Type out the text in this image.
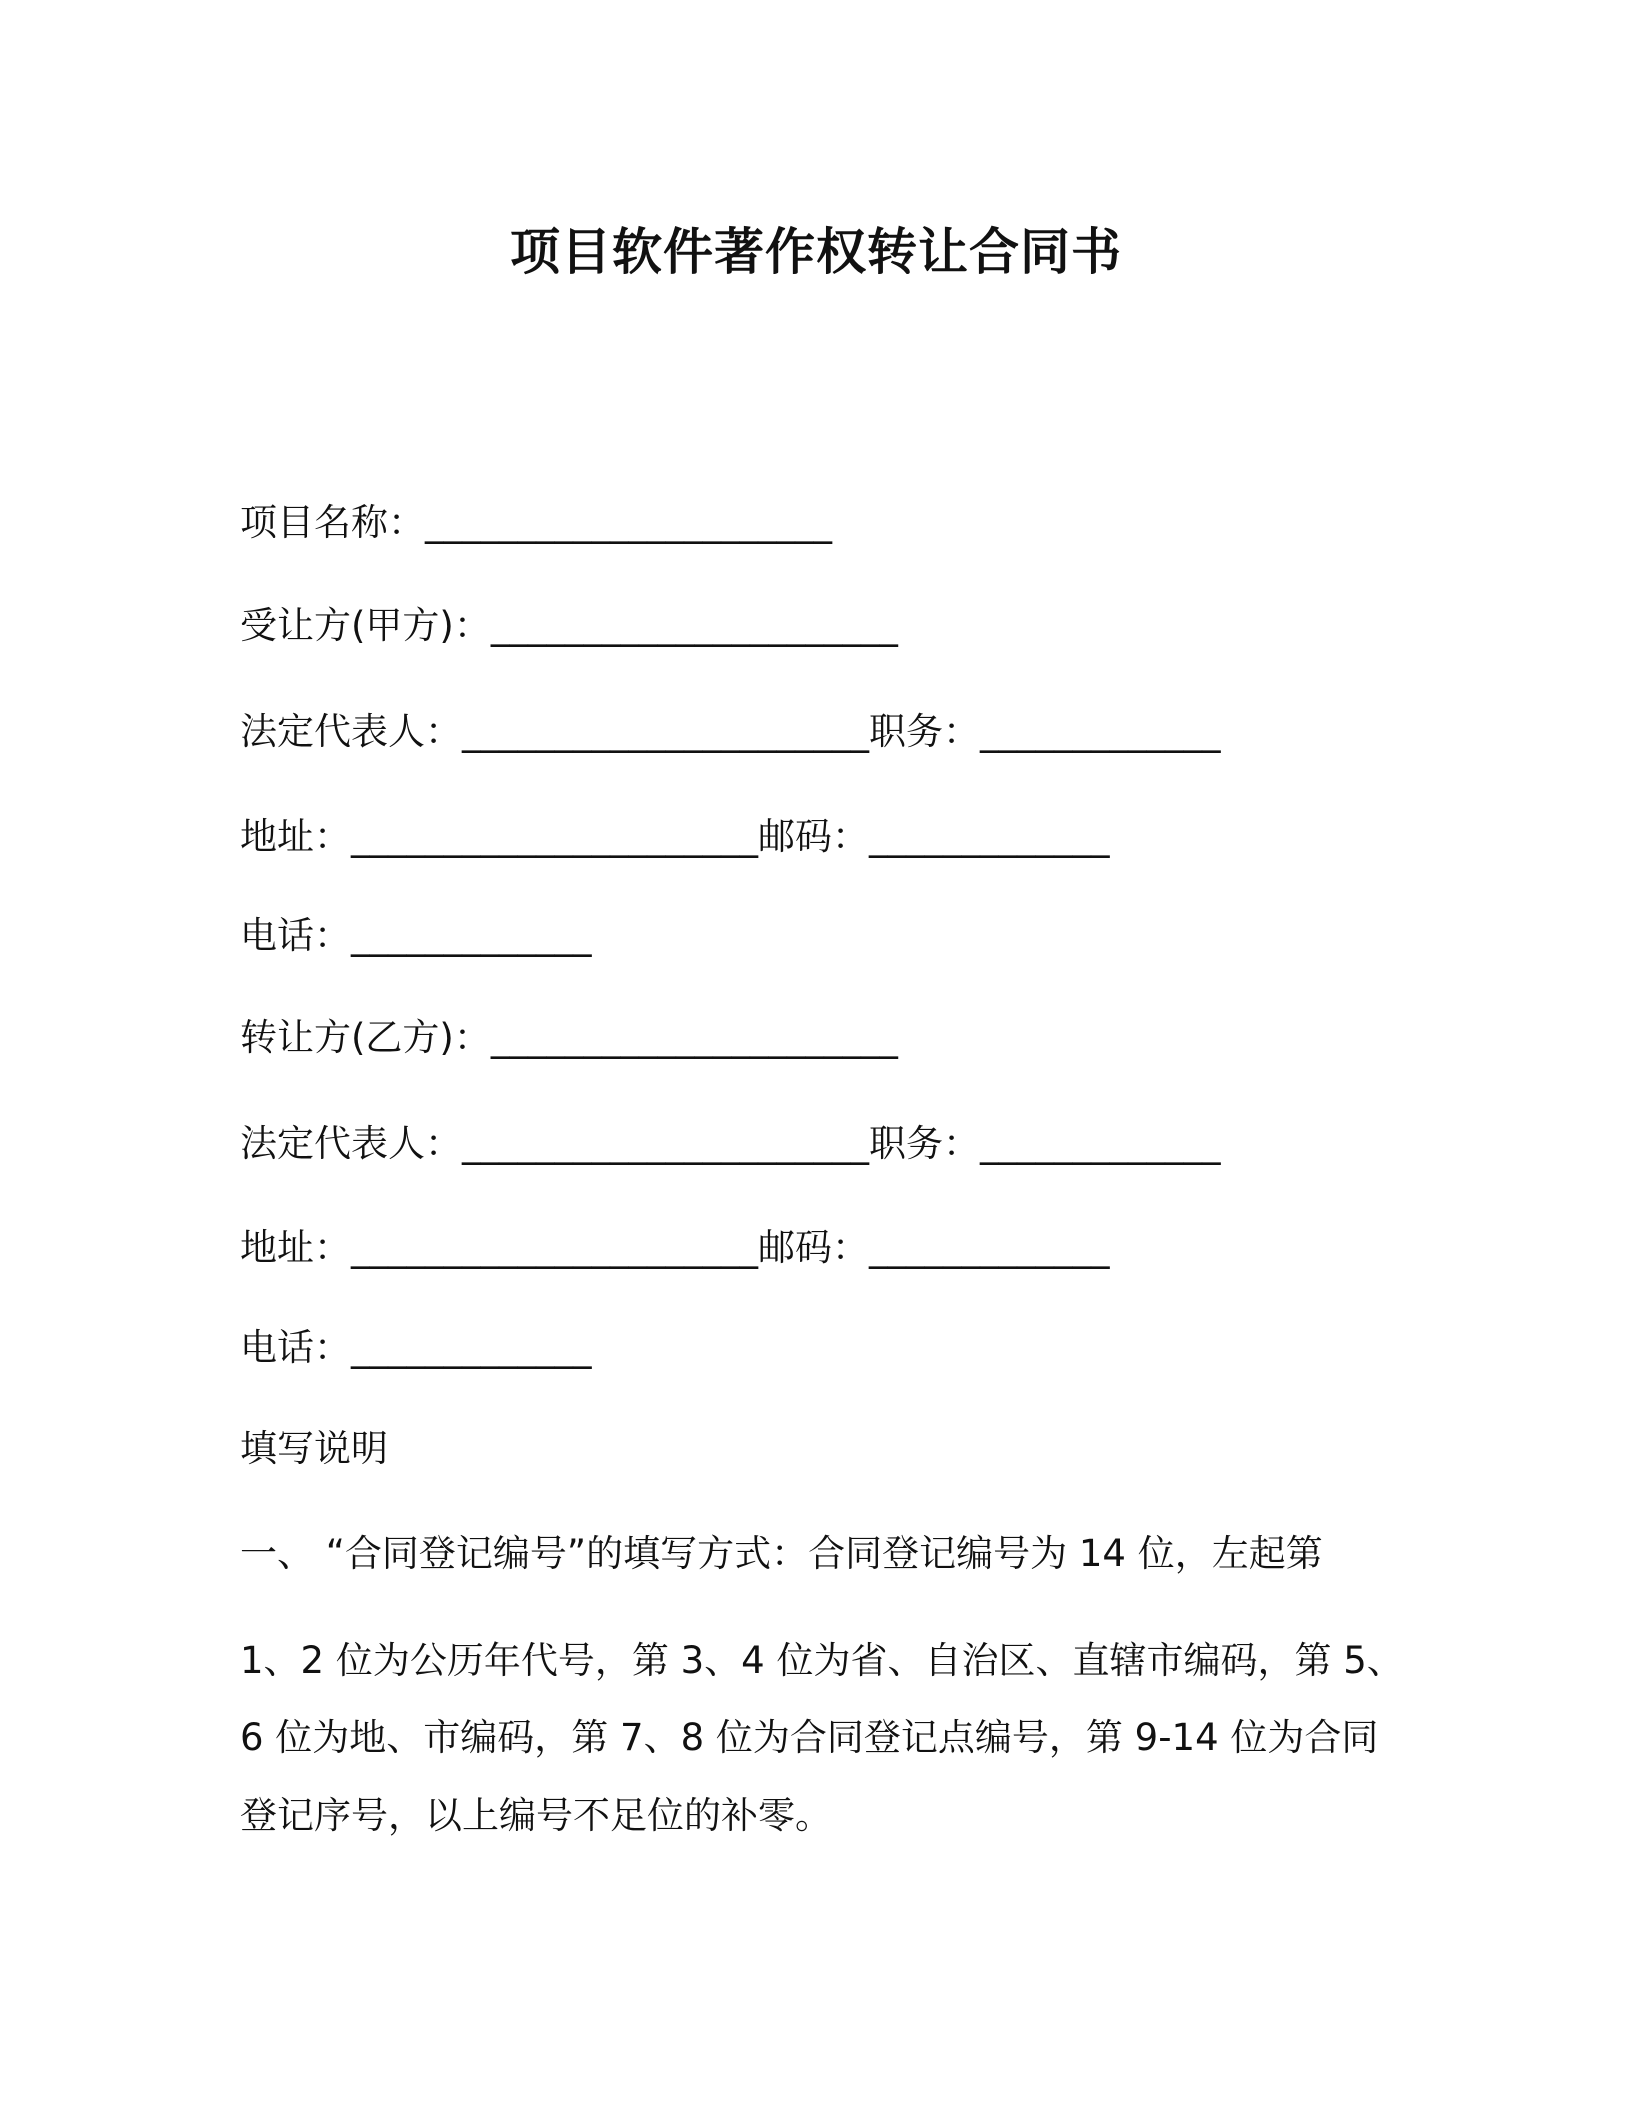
项目软件著作权转让合同书
项目名称：______________________
受让方(甲方)：______________________
法定代表人：______________________职务：_____________
地址：______________________邮码：_____________
电话：_____________
转让方(乙方)：______________________
法定代表人：______________________职务：_____________
地址：______________________邮码：_____________
电话：_____________
填写说明
一、 “合同登记编号”的填写方式：合同登记编号为 14 位，左起第
1、2 位为公历年代号，第 3、4 位为省、自治区、直辖市编码，第 5、
6 位为地、市编码，第 7、8 位为合同登记点编号，第 9-14 位为合同
登记序号，以上编号不足位的补零。
